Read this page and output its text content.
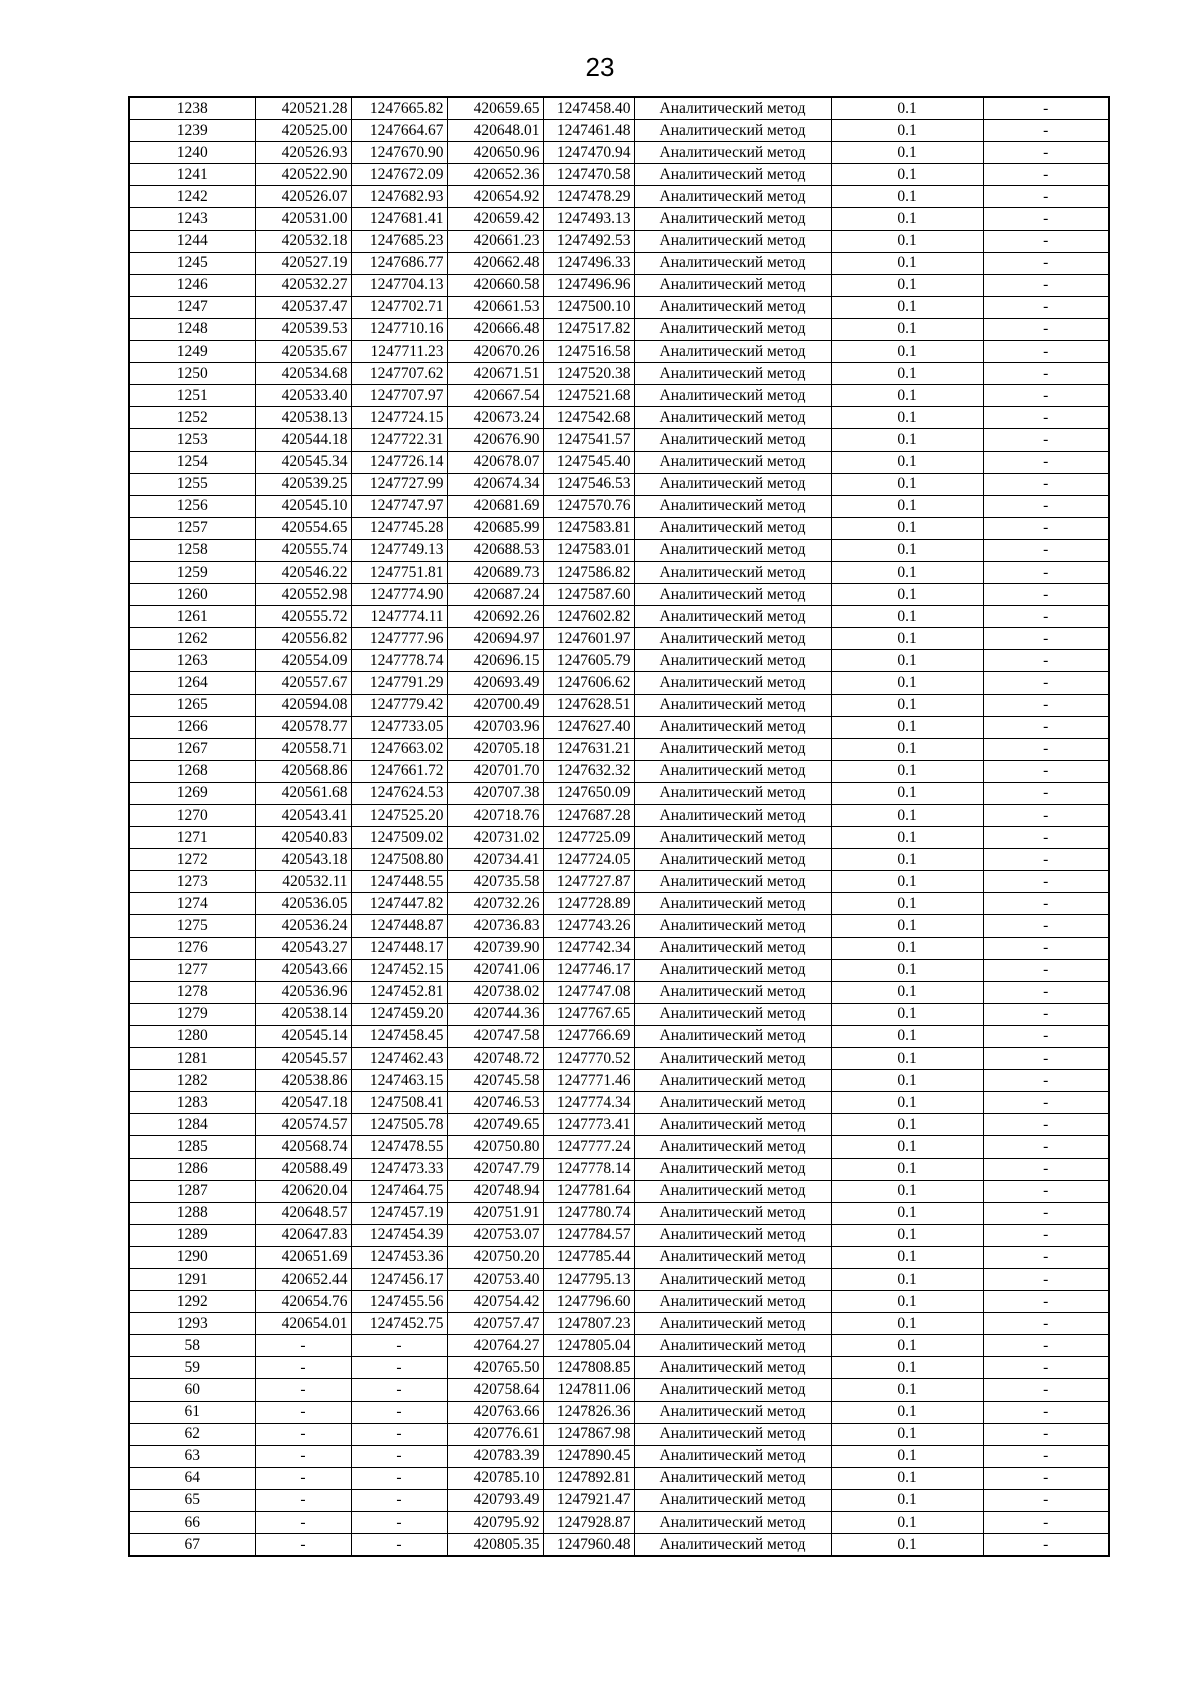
23
1238	420521.28	1247665.82	420659.65	1247458.40	Аналитический метод	0.1	-
1239	420525.00	1247664.67	420648.01	1247461.48	Аналитический метод	0.1	-
1240	420526.93	1247670.90	420650.96	1247470.94	Аналитический метод	0.1	-
1241	420522.90	1247672.09	420652.36	1247470.58	Аналитический метод	0.1	-
1242	420526.07	1247682.93	420654.92	1247478.29	Аналитический метод	0.1	-
1243	420531.00	1247681.41	420659.42	1247493.13	Аналитический метод	0.1	-
1244	420532.18	1247685.23	420661.23	1247492.53	Аналитический метод	0.1	-
1245	420527.19	1247686.77	420662.48	1247496.33	Аналитический метод	0.1	-
1246	420532.27	1247704.13	420660.58	1247496.96	Аналитический метод	0.1	-
1247	420537.47	1247702.71	420661.53	1247500.10	Аналитический метод	0.1	-
1248	420539.53	1247710.16	420666.48	1247517.82	Аналитический метод	0.1	-
1249	420535.67	1247711.23	420670.26	1247516.58	Аналитический метод	0.1	-
1250	420534.68	1247707.62	420671.51	1247520.38	Аналитический метод	0.1	-
1251	420533.40	1247707.97	420667.54	1247521.68	Аналитический метод	0.1	-
1252	420538.13	1247724.15	420673.24	1247542.68	Аналитический метод	0.1	-
1253	420544.18	1247722.31	420676.90	1247541.57	Аналитический метод	0.1	-
1254	420545.34	1247726.14	420678.07	1247545.40	Аналитический метод	0.1	-
1255	420539.25	1247727.99	420674.34	1247546.53	Аналитический метод	0.1	-
1256	420545.10	1247747.97	420681.69	1247570.76	Аналитический метод	0.1	-
1257	420554.65	1247745.28	420685.99	1247583.81	Аналитический метод	0.1	-
1258	420555.74	1247749.13	420688.53	1247583.01	Аналитический метод	0.1	-
1259	420546.22	1247751.81	420689.73	1247586.82	Аналитический метод	0.1	-
1260	420552.98	1247774.90	420687.24	1247587.60	Аналитический метод	0.1	-
1261	420555.72	1247774.11	420692.26	1247602.82	Аналитический метод	0.1	-
1262	420556.82	1247777.96	420694.97	1247601.97	Аналитический метод	0.1	-
1263	420554.09	1247778.74	420696.15	1247605.79	Аналитический метод	0.1	-
1264	420557.67	1247791.29	420693.49	1247606.62	Аналитический метод	0.1	-
1265	420594.08	1247779.42	420700.49	1247628.51	Аналитический метод	0.1	-
1266	420578.77	1247733.05	420703.96	1247627.40	Аналитический метод	0.1	-
1267	420558.71	1247663.02	420705.18	1247631.21	Аналитический метод	0.1	-
1268	420568.86	1247661.72	420701.70	1247632.32	Аналитический метод	0.1	-
1269	420561.68	1247624.53	420707.38	1247650.09	Аналитический метод	0.1	-
1270	420543.41	1247525.20	420718.76	1247687.28	Аналитический метод	0.1	-
1271	420540.83	1247509.02	420731.02	1247725.09	Аналитический метод	0.1	-
1272	420543.18	1247508.80	420734.41	1247724.05	Аналитический метод	0.1	-
1273	420532.11	1247448.55	420735.58	1247727.87	Аналитический метод	0.1	-
1274	420536.05	1247447.82	420732.26	1247728.89	Аналитический метод	0.1	-
1275	420536.24	1247448.87	420736.83	1247743.26	Аналитический метод	0.1	-
1276	420543.27	1247448.17	420739.90	1247742.34	Аналитический метод	0.1	-
1277	420543.66	1247452.15	420741.06	1247746.17	Аналитический метод	0.1	-
1278	420536.96	1247452.81	420738.02	1247747.08	Аналитический метод	0.1	-
1279	420538.14	1247459.20	420744.36	1247767.65	Аналитический метод	0.1	-
1280	420545.14	1247458.45	420747.58	1247766.69	Аналитический метод	0.1	-
1281	420545.57	1247462.43	420748.72	1247770.52	Аналитический метод	0.1	-
1282	420538.86	1247463.15	420745.58	1247771.46	Аналитический метод	0.1	-
1283	420547.18	1247508.41	420746.53	1247774.34	Аналитический метод	0.1	-
1284	420574.57	1247505.78	420749.65	1247773.41	Аналитический метод	0.1	-
1285	420568.74	1247478.55	420750.80	1247777.24	Аналитический метод	0.1	-
1286	420588.49	1247473.33	420747.79	1247778.14	Аналитический метод	0.1	-
1287	420620.04	1247464.75	420748.94	1247781.64	Аналитический метод	0.1	-
1288	420648.57	1247457.19	420751.91	1247780.74	Аналитический метод	0.1	-
1289	420647.83	1247454.39	420753.07	1247784.57	Аналитический метод	0.1	-
1290	420651.69	1247453.36	420750.20	1247785.44	Аналитический метод	0.1	-
1291	420652.44	1247456.17	420753.40	1247795.13	Аналитический метод	0.1	-
1292	420654.76	1247455.56	420754.42	1247796.60	Аналитический метод	0.1	-
1293	420654.01	1247452.75	420757.47	1247807.23	Аналитический метод	0.1	-
58	-	-	420764.27	1247805.04	Аналитический метод	0.1	-
59	-	-	420765.50	1247808.85	Аналитический метод	0.1	-
60	-	-	420758.64	1247811.06	Аналитический метод	0.1	-
61	-	-	420763.66	1247826.36	Аналитический метод	0.1	-
62	-	-	420776.61	1247867.98	Аналитический метод	0.1	-
63	-	-	420783.39	1247890.45	Аналитический метод	0.1	-
64	-	-	420785.10	1247892.81	Аналитический метод	0.1	-
65	-	-	420793.49	1247921.47	Аналитический метод	0.1	-
66	-	-	420795.92	1247928.87	Аналитический метод	0.1	-
67	-	-	420805.35	1247960.48	Аналитический метод	0.1	-
